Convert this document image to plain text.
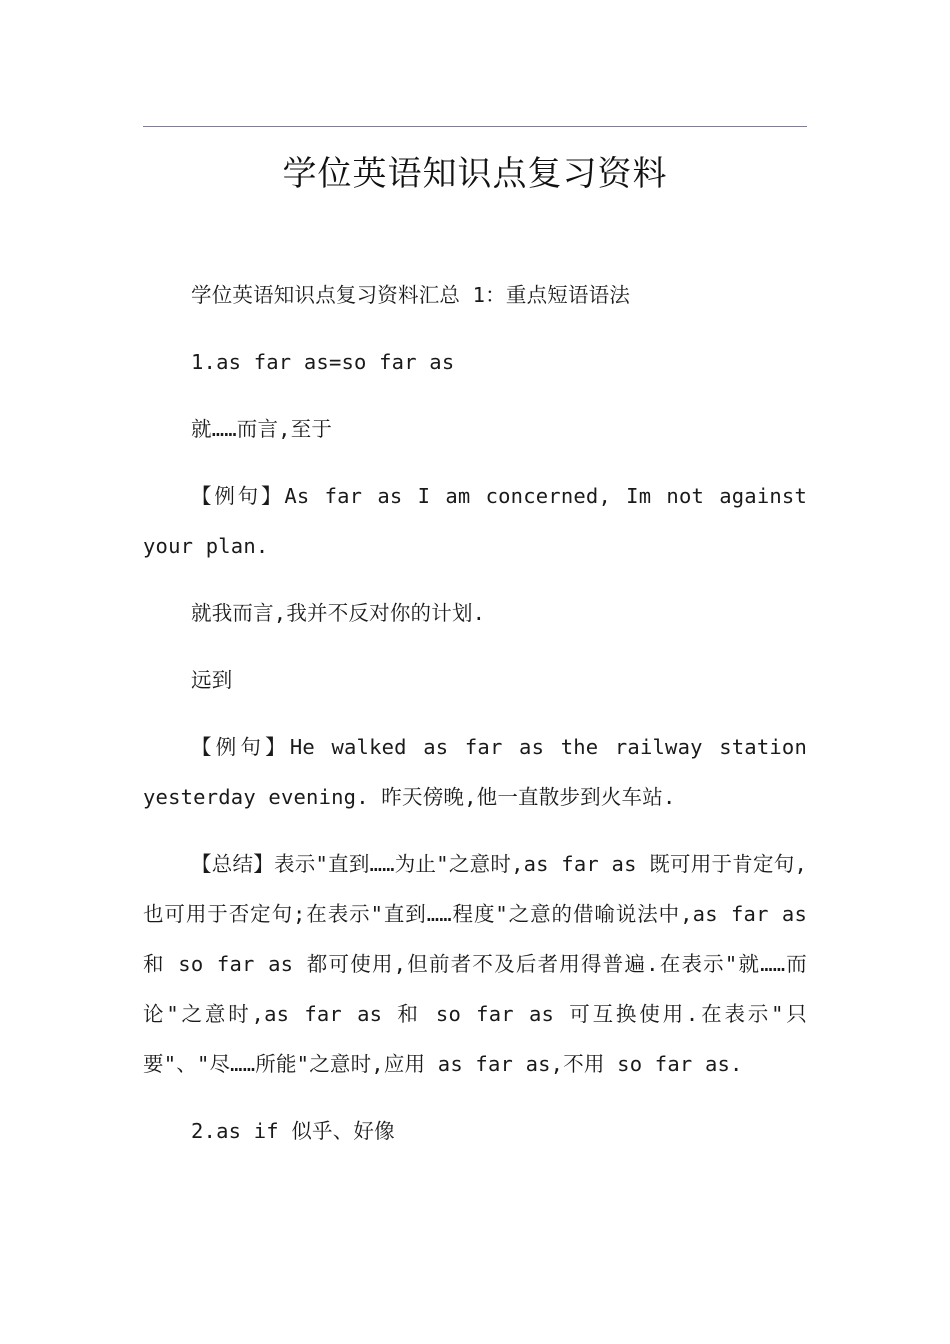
学位英语知识点复习资料

学位英语知识点复习资料汇总 1：重点短语语法

1.as far as=so far as

就……而言,至于

【例句】As far as I am concerned, Im not against your plan.

就我而言,我并不反对你的计划.

远到

【例句】He walked as far as the railway station yesterday evening. 昨天傍晚,他一直散步到火车站.

【总结】表示"直到……为止"之意时,as far as 既可用于肯定句,也可用于否定句;在表示"直到……程度"之意的借喻说法中,as far as 和 so far as 都可使用,但前者不及后者用得普遍.在表示"就……而论"之意时,as far as 和 so far as 可互换使用.在表示"只要"、"尽……所能"之意时,应用 as far as,不用 so far as.

2.as if 似乎、好像
